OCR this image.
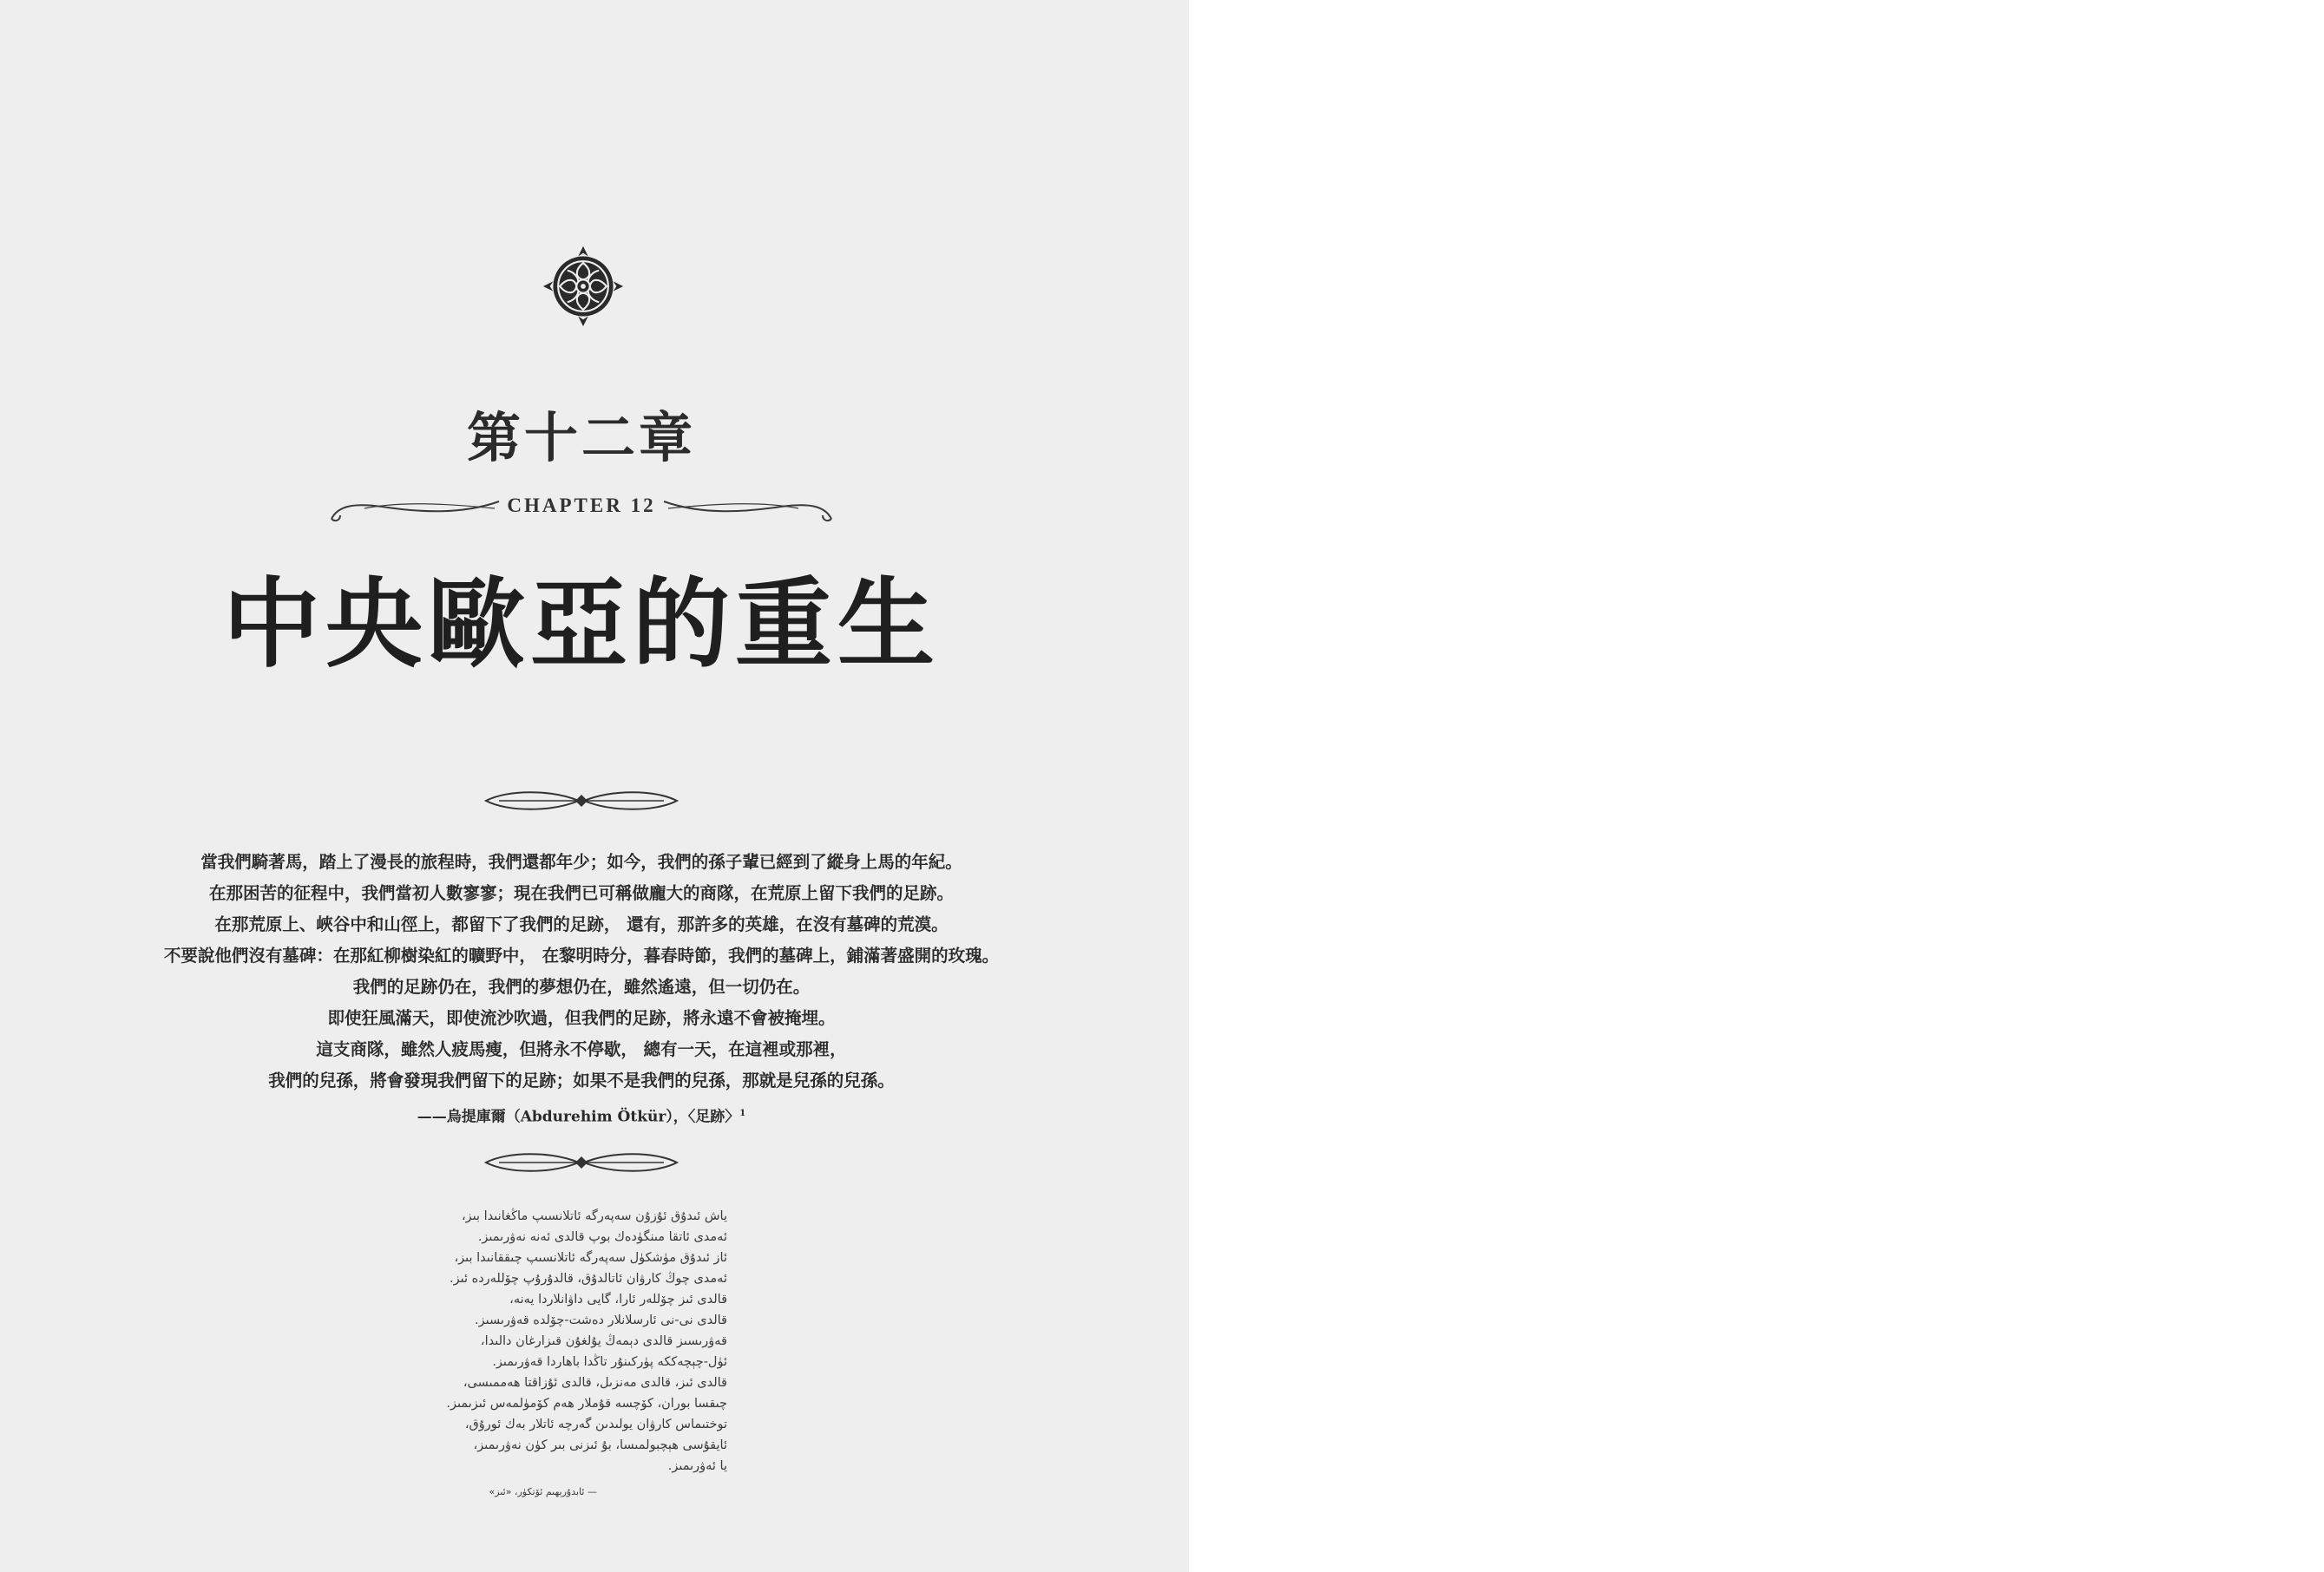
第十二章
CHAPTER 12
中央歐亞的重生
當我們騎著馬，踏上了漫長的旅程時，我們還都年少；如今，我們的孫子輩已經到了縱身上馬的年紀。
在那困苦的征程中，我們當初人數寥寥；現在我們已可稱做龐大的商隊，在荒原上留下我們的足跡。
在那荒原上、峽谷中和山徑上，都留下了我們的足跡， 還有，那許多的英雄，在沒有墓碑的荒漠。
不要說他們沒有墓碑：在那紅柳樹染紅的曠野中， 在黎明時分，暮春時節，我們的墓碑上，鋪滿著盛開的玫瑰。
我們的足跡仍在，我們的夢想仍在，雖然遙遠，但一切仍在。
即使狂風滿天，即使流沙吹過，但我們的足跡，將永遠不會被掩埋。
這支商隊，雖然人疲馬瘦，但將永不停歇， 總有一天，在這裡或那裡，
我們的兒孫，將會發現我們留下的足跡；如果不是我們的兒孫，那就是兒孫的兒孫。
——烏提庫爾（Abdurehim Ötkür），〈足跡〉$^1$
ياش ئىدۇق ئۇزۇن سەپەرگە ئاتلانسىپ ماڭغانىدا بىز،
ئەمدى ئاتقا مىنگۈدەك بوپ قالدى ئەنە نەۋرىمىز.
ئاز ئىدۇق مۈشكۈل سەپەرگە ئاتلانسىپ چىققانىدا بىز،
ئەمدى چوڭ كارۋان ئاتالدۇق، قالدۇرۇپ چۆللەردە ئىز.
قالدى ئىز چۆللەر ئارا، گايى داۋانلاردا يەنە،
قالدى نى-نى ئارسلانلار دەشت-چۆلدە قەۋرىسىز.
قەۋرىسىز قالدى دېمەڭ يۇلغۇن قىزارغان دالىدا،
ئۈل-چېچەككە پۈركىنۇر تاڭدا باھاردا قەۋرىمىز.
قالدى ئىز، قالدى مەنزىل، قالدى ئۇزاقتا ھەممىسى،
چىقسا بوران، كۆچسە قۇملار ھەم كۆمۈلمەس ئىزىمىز.
توختىماس كارۋان يولىدىن گەرچە ئاتلار بەك ئورۇق،
ئايقۇسى ھېچبولمىسا، بۇ ئىزنى بىر كۈن نەۋرىمىز،
يا ئەۋرىمىز.
— ئابدۇرېھىم ئۆتكۈر، «ئىز»
